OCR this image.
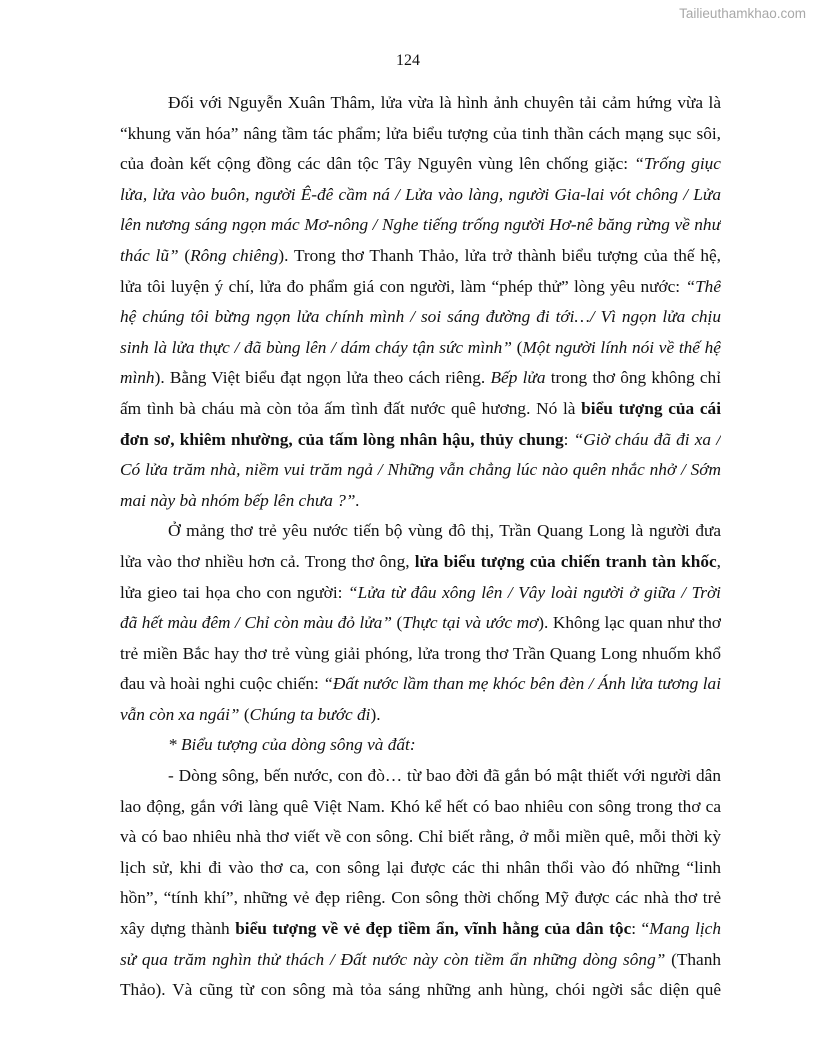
Tailieuthamkhao.com
124
Đối với Nguyễn Xuân Thâm, lửa vừa là hình ảnh chuyên tải cảm hứng vừa là
“khung văn hóa” nâng tầm tác phẩm; lửa biểu tượng của tinh thần cách mạng sục sôi,
của đoàn kết cộng đồng các dân tộc Tây Nguyên vùng lên chống giặc: “Trống giục
lửa, lửa vào buôn, người Ê-đê cầm ná / Lửa vào làng, người Gia-lai vót chông / Lửa
lên nương sáng ngọn mác Mơ-nông / Nghe tiếng trống người Hơ-nê băng rừng về như
thác lũ” (Rông chiêng). Trong thơ Thanh Thảo, lửa trở thành biểu tượng của thế hệ,
lửa tôi luyện ý chí, lửa đo phẩm giá con người, làm “phép thử” lòng yêu nước: “Thế
hệ chúng tôi bừng ngọn lửa chính mình / soi sáng đường đi tới…/ Vì ngọn lửa chịu
sinh là lửa thực / đã bùng lên / dám cháy tận sức mình” (Một người lính nói về thế hệ
mình). Bằng Việt biểu đạt ngọn lửa theo cách riêng. Bếp lửa trong thơ ông không chỉ
ấm tình bà cháu mà còn tỏa ấm tình đất nước quê hương. Nó là biểu tượng của cái
đơn sơ, khiêm nhường, của tấm lòng nhân hậu, thủy chung: “Giờ cháu đã đi xa /
Có lửa trăm nhà, niềm vui trăm ngả / Những vẫn chẳng lúc nào quên nhắc nhở / Sớm
mai này bà nhóm bếp lên chưa ?”.
Ở mảng thơ trẻ yêu nước tiến bộ vùng đô thị, Trần Quang Long là người đưa
lửa vào thơ nhiều hơn cả. Trong thơ ông, lửa biểu tượng của chiến tranh tàn khốc,
lửa gieo tai họa cho con người: “Lửa từ đâu xông lên / Vây loài người ở giữa / Trời
đã hết màu đêm / Chỉ còn màu đỏ lửa” (Thực tại và ước mơ). Không lạc quan như thơ
trẻ miền Bắc hay thơ trẻ vùng giải phóng, lửa trong thơ Trần Quang Long nhuốm khổ
đau và hoài nghi cuộc chiến: “Đất nước lầm than mẹ khóc bên đèn / Ánh lửa tương lai
vẫn còn xa ngái” (Chúng ta bước đi).
* Biểu tượng của dòng sông và đất:
- Dòng sông, bến nước, con đò… từ bao đời đã gắn bó mật thiết với người dân
lao động, gắn với làng quê Việt Nam. Khó kể hết có bao nhiêu con sông trong thơ ca
và có bao nhiêu nhà thơ viết về con sông. Chỉ biết rằng, ở mỗi miền quê, mỗi thời kỳ
lịch sử, khi đi vào thơ ca, con sông lại được các thi nhân thổi vào đó những “linh
hồn”, “tính khí”, những vẻ đẹp riêng. Con sông thời chống Mỹ được các nhà thơ trẻ
xây dựng thành biểu tượng về vẻ đẹp tiềm ẩn, vĩnh hằng của dân tộc: “Mang lịch
sử qua trăm nghìn thử thách / Đất nước này còn tiềm ẩn những dòng sông” (Thanh
Thảo). Và cũng từ con sông mà tỏa sáng những anh hùng, chói ngời sắc diện quê
